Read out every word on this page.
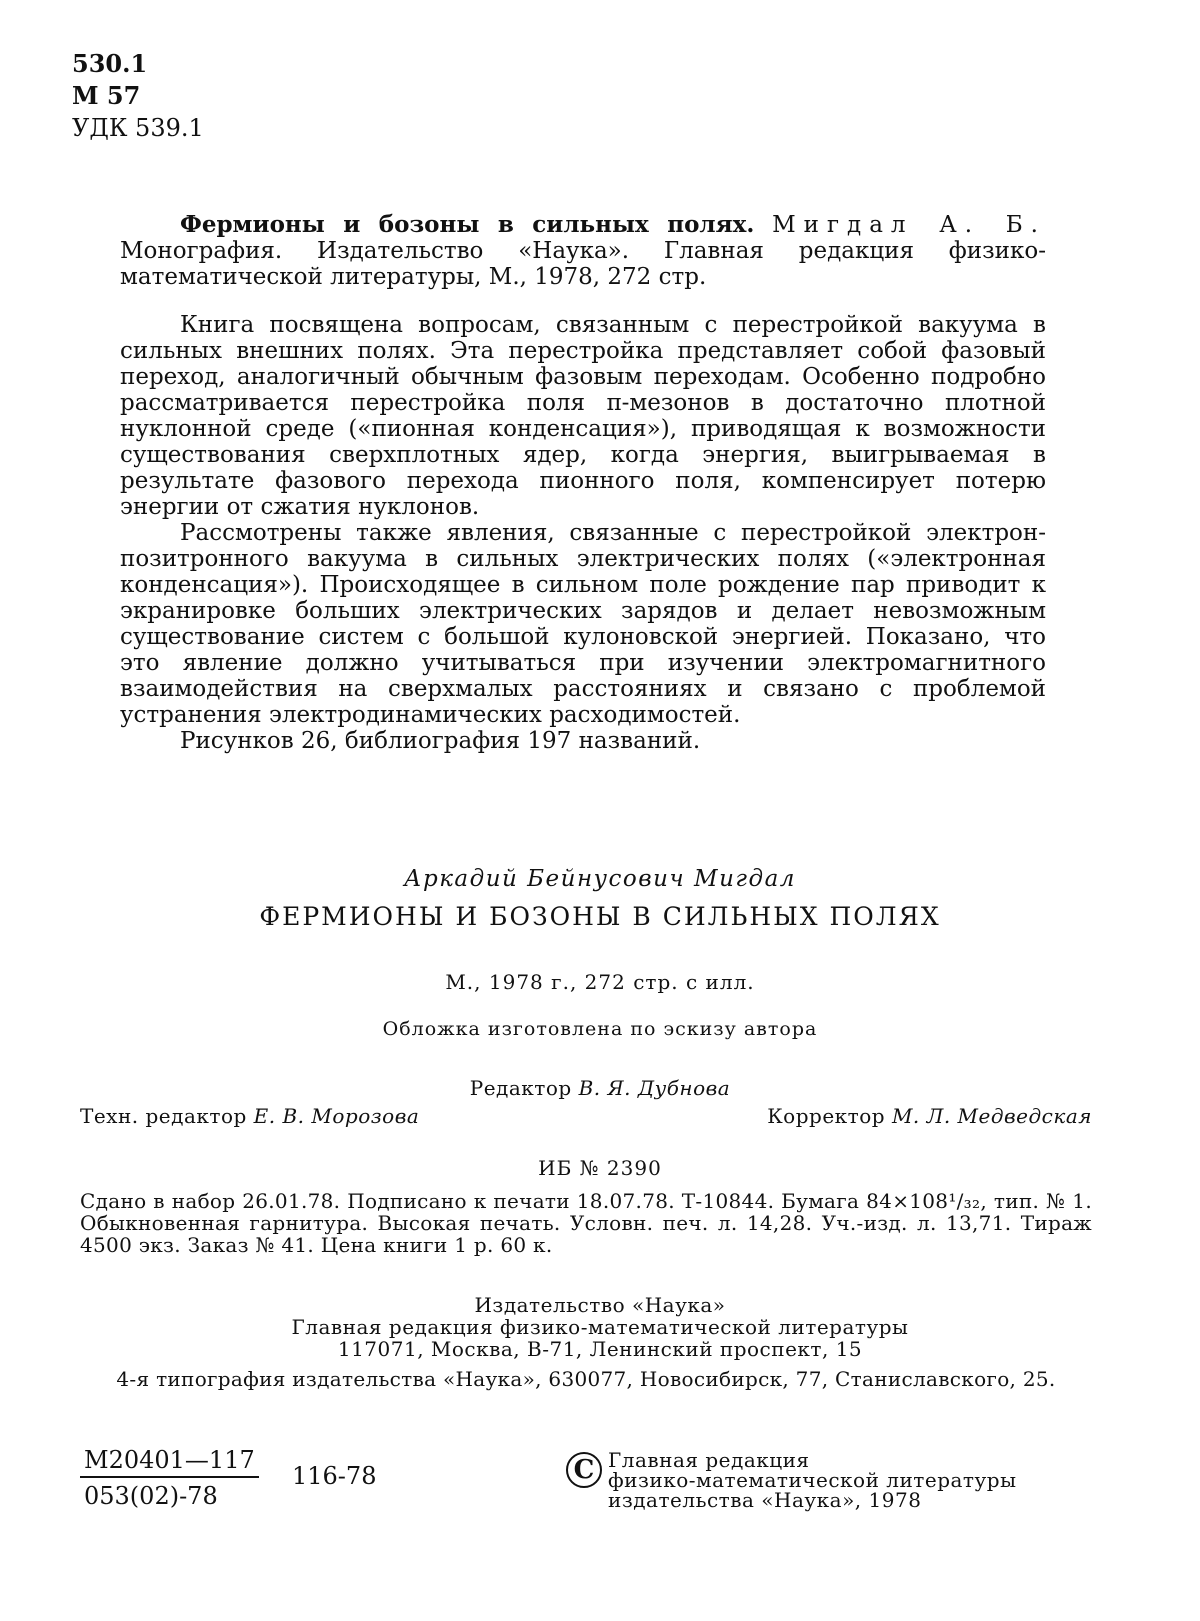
530.1
М 57
УДК 539.1

Фермионы и бозоны в сильных полях. Мигдал А. Б. Монография. Издательство «Наука». Главная редакция физико-математической литературы, М., 1978, 272 стр.

Книга посвящена вопросам, связанным с перестройкой вакуума в сильных внешних полях. Эта перестройка представляет собой фазовый переход, аналогичный обычным фазовым переходам. Особенно подробно рассматривается перестройка поля π-мезонов в достаточно плотной нуклонной среде («пионная конденсация»), приводящая к возможности существования сверхплотных ядер, когда энергия, выигрываемая в результате фазового перехода пионного поля, компенсирует потерю энергии от сжатия нуклонов.

Рассмотрены также явления, связанные с перестройкой электрон-позитронного вакуума в сильных электрических полях («электронная конденсация»). Происходящее в сильном поле рождение пар приводит к экранировке больших электрических зарядов и делает невозможным существование систем с большой кулоновской энергией. Показано, что это явление должно учитываться при изучении электромагнитного взаимодействия на сверхмалых расстояниях и связано с проблемой устранения электродинамических расходимостей.

Рисунков 26, библиография 197 названий.

Аркадий Бейнусович Мигдал
ФЕРМИОНЫ И БОЗОНЫ В СИЛЬНЫХ ПОЛЯХ
М., 1978 г., 272 стр. с илл.
Обложка изготовлена по эскизу автора
Редактор В. Я. Дубнова
Техн. редактор Е. В. Морозова	Корректор М. Л. Медведская
ИБ № 2390
Сдано в набор 26.01.78. Подписано к печати 18.07.78. Т-10844. Бумага 84×108¹/₃₂, тип. № 1. Обыкновенная гарнитура. Высокая печать. Условн. печ. л. 14,28. Уч.-изд. л. 13,71. Тираж 4500 экз. Заказ № 41. Цена книги 1 р. 60 к.
Издательство «Наука»
Главная редакция физико-математической литературы
117071, Москва, В-71, Ленинский проспект, 15
4-я типография издательства «Наука», 630077, Новосибирск, 77, Станиславского, 25.
М20401—117
053(02)-78
116-78	C Главная редакция
физико-математической литературы
издательства «Наука», 1978
